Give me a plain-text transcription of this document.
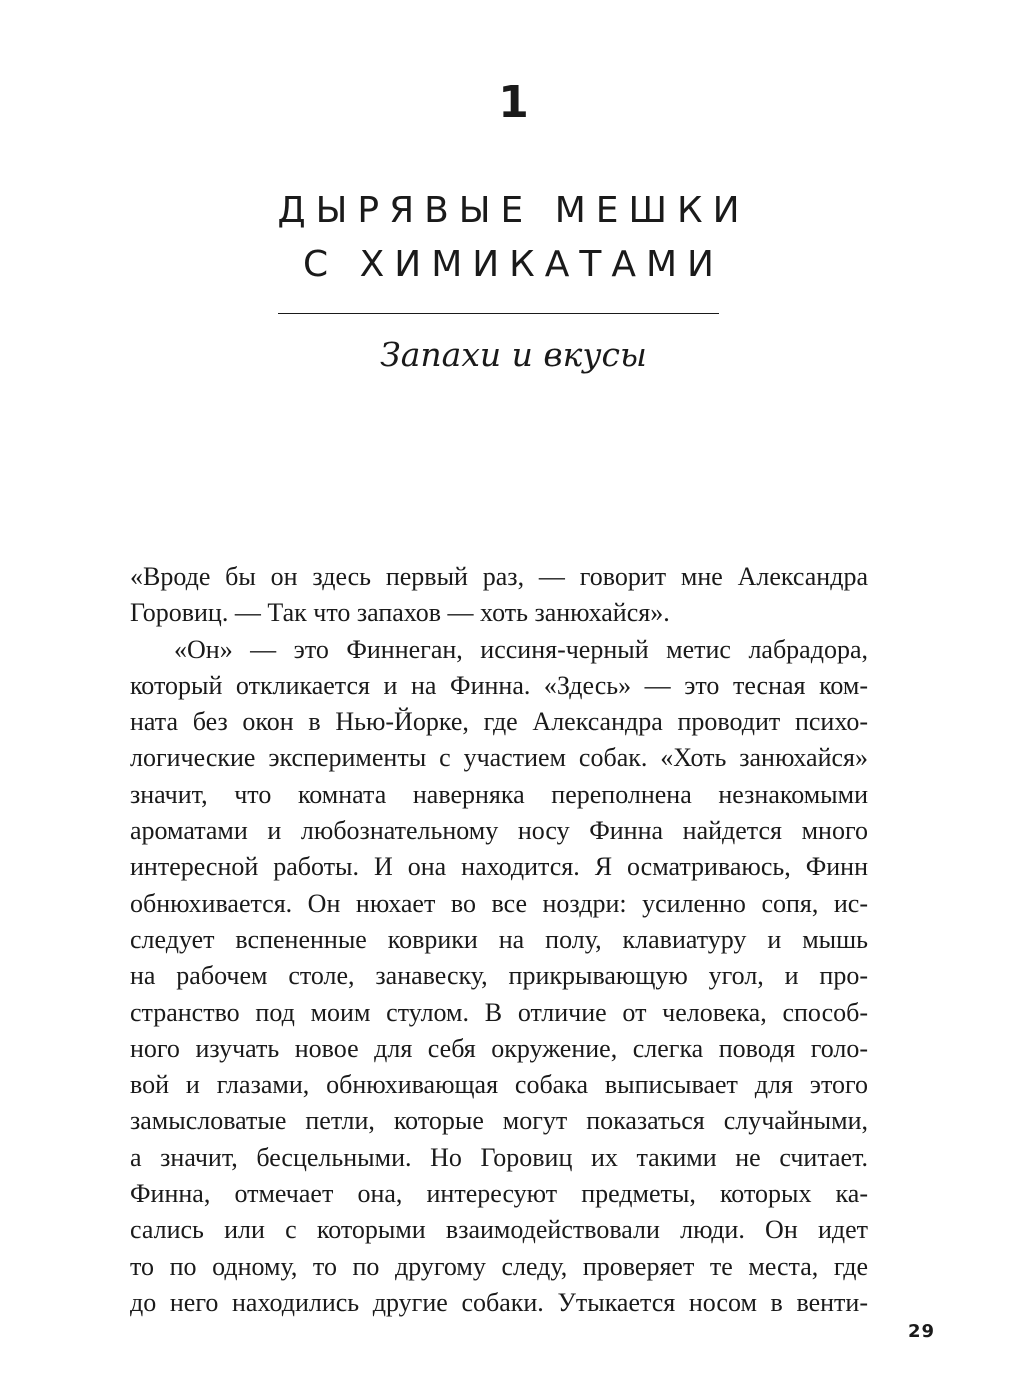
1
ДЫРЯВЫЕ МЕШКИ
С ХИМИКАТАМИ
Запахи и вкусы
«Вроде бы он здесь первый раз, — говорит мне Александра
Горовиц. — Так что запахов — хоть занюхайся».
«Он» — это Финнеган, иссиня-черный метис лабрадора,
который откликается и на Финна. «Здесь» — это тесная ком-
ната без окон в Нью-Йорке, где Александра проводит психо-
логические эксперименты с участием собак. «Хоть занюхайся»
значит, что комната наверняка переполнена незнакомыми
ароматами и любознательному носу Финна найдется много
интересной работы. И она находится. Я осматриваюсь, Финн
обнюхивается. Он нюхает во все ноздри: усиленно сопя, ис-
следует вспененные коврики на полу, клавиатуру и мышь
на рабочем столе, занавеску, прикрывающую угол, и про-
странство под моим стулом. В отличие от человека, способ-
ного изучать новое для себя окружение, слегка поводя голо-
вой и глазами, обнюхивающая собака выписывает для этого
замысловатые петли, которые могут показаться случайными,
а значит, бесцельными. Но Горовиц их такими не считает.
Финна, отмечает она, интересуют предметы, которых ка-
сались или с которыми взаимодействовали люди. Он идет
то по одному, то по другому следу, проверяет те места, где
до него находились другие собаки. Утыкается носом в венти-
29
